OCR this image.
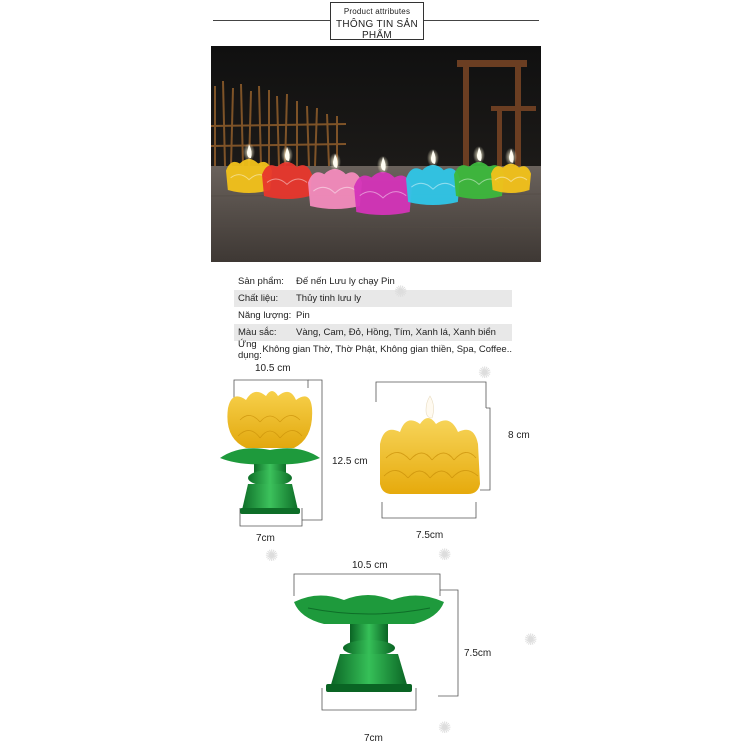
Product attributes
THÔNG TIN SẢN PHẨM
Sản phẩm:	Đế nến Lưu ly chạy Pin
Chất liệu:	Thủy tinh lưu ly
Năng lượng: Pin
Màu sắc:	Vàng, Cam, Đỏ, Hồng, Tím, Xanh lá, Xanh biển
Ứng dụng: Không gian Thờ, Thờ Phật, Không gian thiền, Spa, Coffee..
10.5 cm
12.5 cm
7cm
8 cm
7.5cm
10.5 cm
7.5cm
7cm
✺
✺
✺
✺
✺
✺
